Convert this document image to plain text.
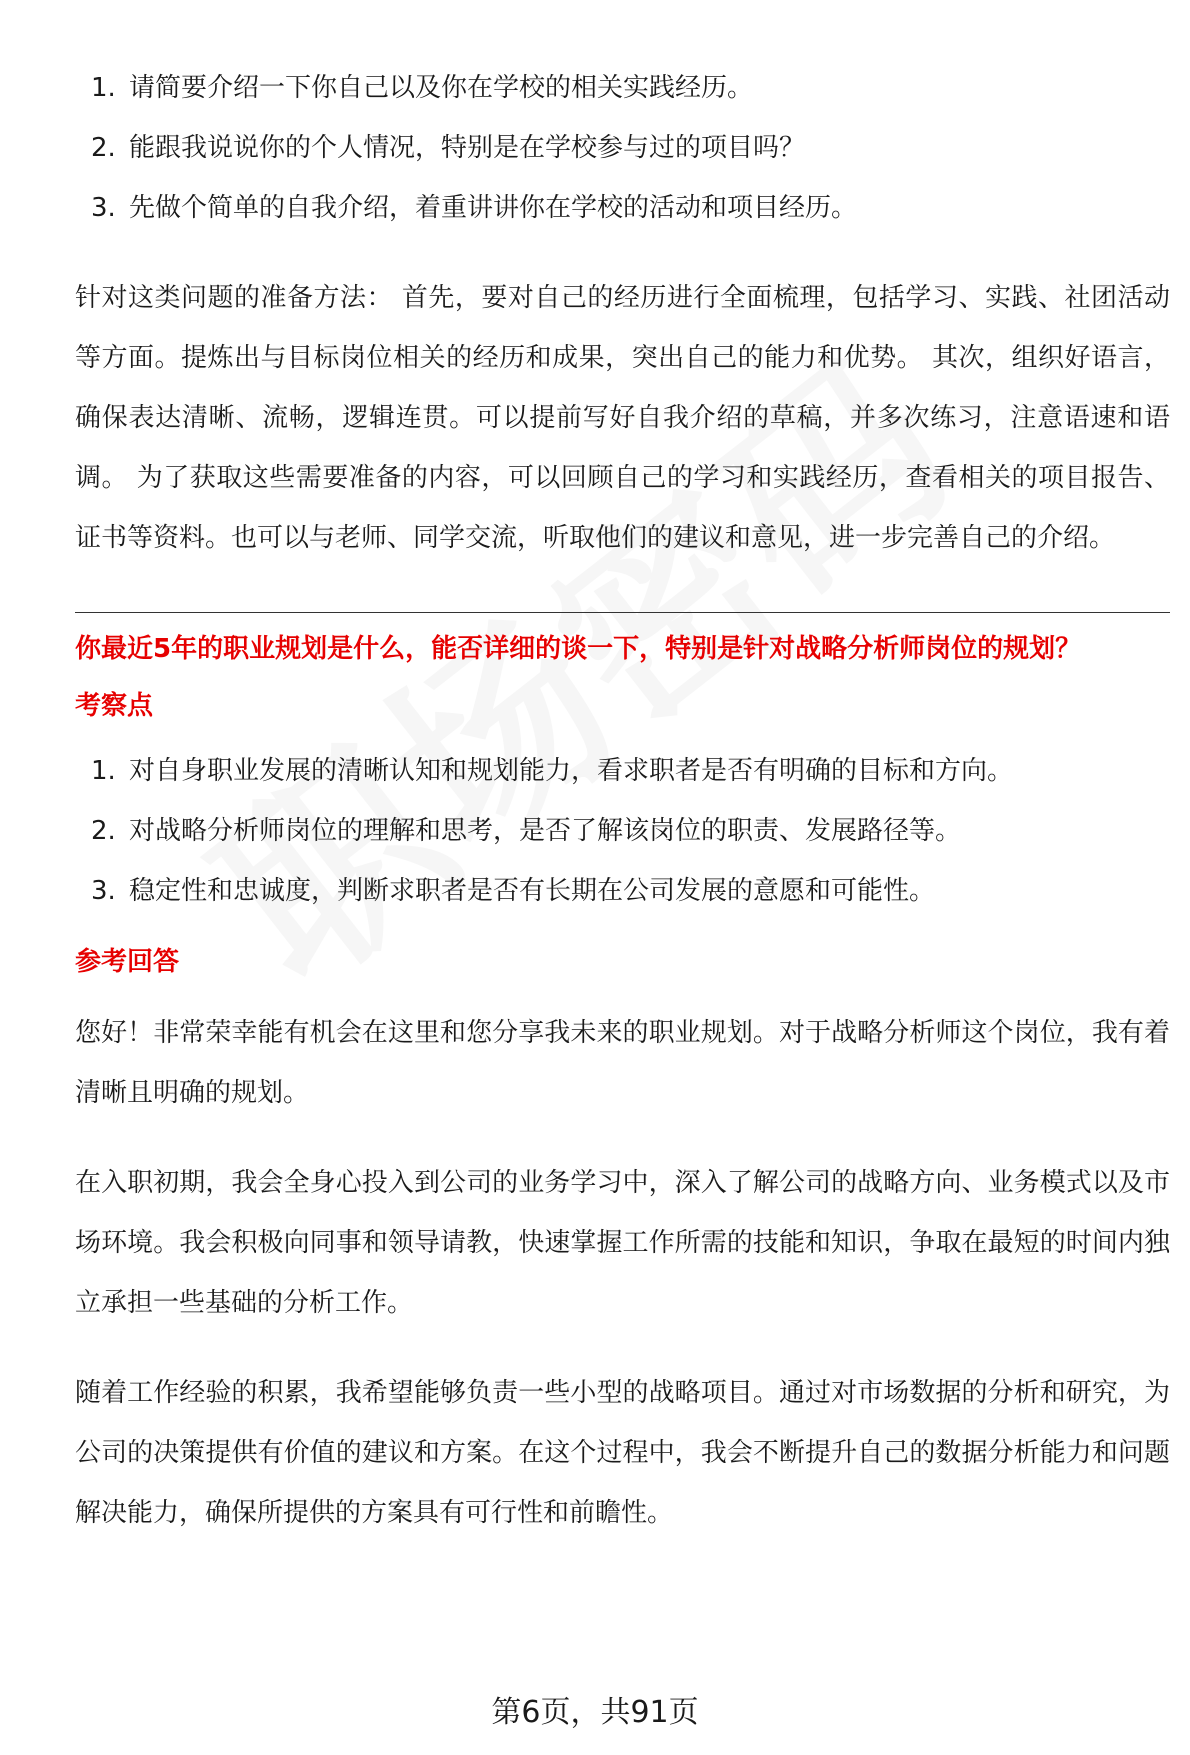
1. 请简要介绍一下你自己以及你在学校的相关实践经历。
2. 能跟我说说你的个人情况，特别是在学校参与过的项目吗？
3. 先做个简单的自我介绍，着重讲讲你在学校的活动和项目经历。

针对这类问题的准备方法： 首先，要对自己的经历进行全面梳理，包括学习、实践、社团活动等方面。提炼出与目标岗位相关的经历和成果，突出自己的能力和优势。 其次，组织好语言，确保表达清晰、流畅，逻辑连贯。可以提前写好自我介绍的草稿，并多次练习，注意语速和语调。 为了获取这些需要准备的内容，可以回顾自己的学习和实践经历，查看相关的项目报告、证书等资料。也可以与老师、同学交流，听取他们的建议和意见，进一步完善自己的介绍。

你最近5年的职业规划是什么，能否详细的谈一下，特别是针对战略分析师岗位的规划？
考察点
1. 对自身职业发展的清晰认知和规划能力，看求职者是否有明确的目标和方向。
2. 对战略分析师岗位的理解和思考，是否了解该岗位的职责、发展路径等。
3. 稳定性和忠诚度，判断求职者是否有长期在公司发展的意愿和可能性。
参考回答

您好！非常荣幸能有机会在这里和您分享我未来的职业规划。对于战略分析师这个岗位，我有着清晰且明确的规划。

在入职初期，我会全身心投入到公司的业务学习中，深入了解公司的战略方向、业务模式以及市场环境。我会积极向同事和领导请教，快速掌握工作所需的技能和知识，争取在最短的时间内独立承担一些基础的分析工作。

随着工作经验的积累，我希望能够负责一些小型的战略项目。通过对市场数据的分析和研究，为公司的决策提供有价值的建议和方案。在这个过程中，我会不断提升自己的数据分析能力和问题解决能力，确保所提供的方案具有可行性和前瞻性。

第6页，共91页
